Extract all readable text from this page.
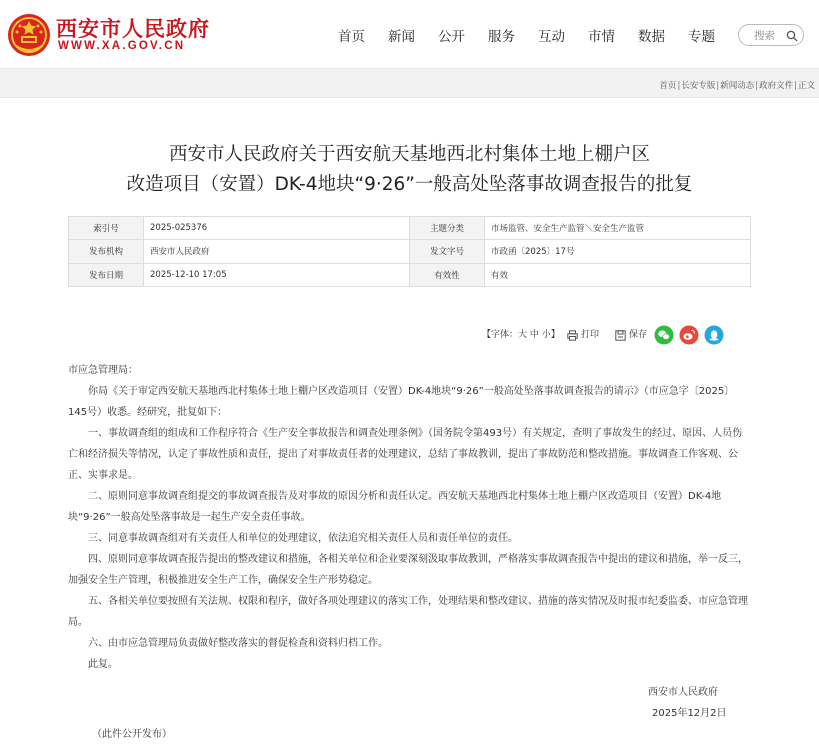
西安市人民政府
WWW.XA.GOV.CN
首页 新闻 公开 服务 互动 市情 数据 专题	搜索
首页|长安专版|新闻动态|政府文件|正文
西安市人民政府关于西安航天基地西北村集体土地上棚户区
改造项目（安置）DK-4地块“9·26”一般高处坠落事故调查报告的批复
索引号	2025-025376	主题分类	市场监管、安全生产监管＼安全生产监管
发布机构	西安市人民政府	发文字号	市政函〔2025〕17号
发布日期	2025-12-10 17:05	有效性	有效
【字体：大 中 小】 打印	保存

市应急管理局：

你局《关于审定西安航天基地西北村集体土地上棚户区改造项目（安置）DK-4地块“9·26”一般高处坠落事故调查报告的请示》（市应急字〔2025〕145号）收悉。经研究，批复如下：

一、事故调查组的组成和工作程序符合《生产安全事故报告和调查处理条例》（国务院令第493号）有关规定，查明了事故发生的经过、原因、人员伤亡和经济损失等情况，认定了事故性质和责任，提出了对事故责任者的处理建议，总结了事故教训，提出了事故防范和整改措施。事故调查工作客观、公正、实事求是。

二、原则同意事故调查组提交的事故调查报告及对事故的原因分析和责任认定。西安航天基地西北村集体土地上棚户区改造项目（安置）DK-4地块“9·26”一般高处坠落事故是一起生产安全责任事故。

三、同意事故调查组对有关责任人和单位的处理建议，依法追究相关责任人员和责任单位的责任。

四、原则同意事故调查报告提出的整改建议和措施，各相关单位和企业要深刻汲取事故教训，严格落实事故调查报告中提出的建议和措施，举一反三，加强安全生产管理，积极推进安全生产工作，确保安全生产形势稳定。

五、各相关单位要按照有关法规、权限和程序，做好各项处理建议的落实工作，处理结果和整改建议、措施的落实情况及时报市纪委监委、市应急管理局。

六、由市应急管理局负责做好整改落实的督促检查和资料归档工作。

此复。

西安市人民政府
2025年12月2日
（此件公开发布）
